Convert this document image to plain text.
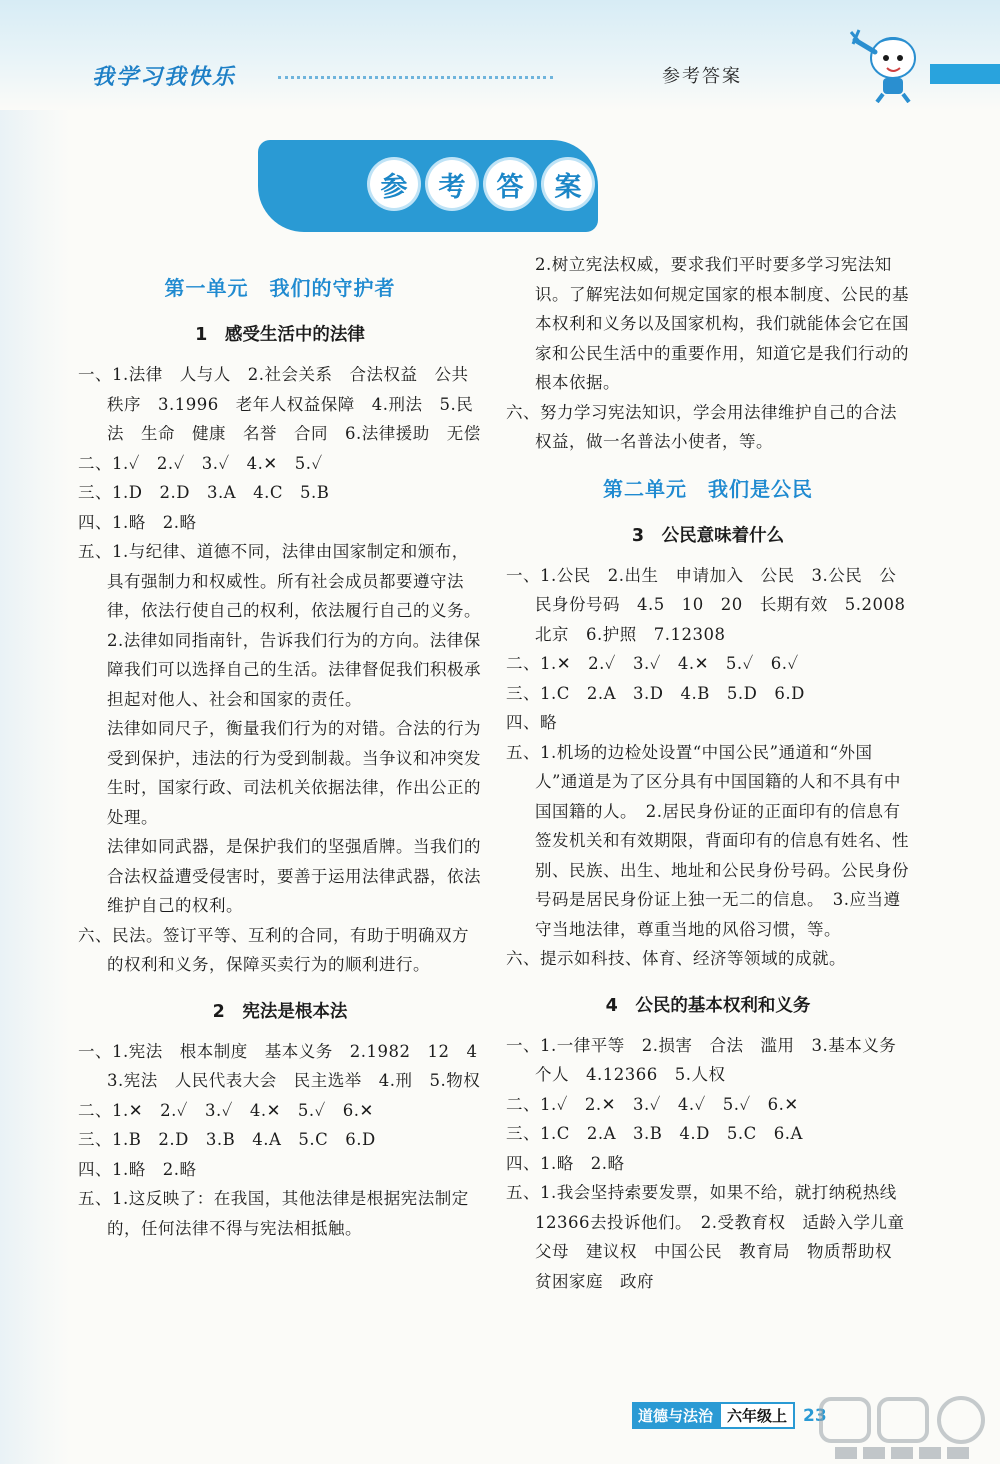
我学习我快乐	参考答案
参	考	答	案
第一单元　我们的守护者
1　感受生活中的法律
一、1.法律　人与人　2.社会关系　合法权益　公共秩序　3.1996　老年人权益保障　4.刑法　5.民法　生命　健康　名誉　合同　6.法律援助　无偿
二、1.✓　2.✓　3.✓　4.✕　5.✓
三、1.D　2.D　3.A　4.C　5.B
四、1.略　2.略
五、1.与纪律、道德不同，法律由国家制定和颁布，具有强制力和权威性。所有社会成员都要遵守法律，依法行使自己的权利，依法履行自己的义务。　2.法律如同指南针，告诉我们行为的方向。法律保障我们可以选择自己的生活。法律督促我们积极承担起对他人、社会和国家的责任。
法律如同尺子，衡量我们行为的对错。合法的行为受到保护，违法的行为受到制裁。当争议和冲突发生时，国家行政、司法机关依据法律，作出公正的处理。
法律如同武器，是保护我们的坚强盾牌。当我们的合法权益遭受侵害时，要善于运用法律武器，依法维护自己的权利。
六、民法。签订平等、互利的合同，有助于明确双方的权利和义务，保障买卖行为的顺利进行。
2　宪法是根本法
一、1.宪法　根本制度　基本义务　2.1982　12　4　3.宪法　人民代表大会　民主选举　4.刑　5.物权
二、1.✕　2.✓　3.✓　4.✕　5.✓　6.✕
三、1.B　2.D　3.B　4.A　5.C　6.D
四、1.略　2.略
五、1.这反映了：在我国，其他法律是根据宪法制定的，任何法律不得与宪法相抵触。
2.树立宪法权威，要求我们平时要多学习宪法知识。了解宪法如何规定国家的根本制度、公民的基本权利和义务以及国家机构，我们就能体会它在国家和公民生活中的重要作用，知道它是我们行动的根本依据。
六、努力学习宪法知识，学会用法律维护自己的合法权益，做一名普法小使者，等。
第二单元　我们是公民
3　公民意味着什么
一、1.公民　2.出生　申请加入　公民　3.公民　公民身份号码　4.5　10　20　长期有效　5.2008　北京　6.护照　7.12308
二、1.✕　2.✓　3.✓　4.✕　5.✓　6.✓
三、1.C　2.A　3.D　4.B　5.D　6.D
四、略
五、1.机场的边检处设置“中国公民”通道和“外国人”通道是为了区分具有中国国籍的人和不具有中国国籍的人。　2.居民身份证的正面印有的信息有签发机关和有效期限，背面印有的信息有姓名、性别、民族、出生、地址和公民身份号码。公民身份号码是居民身份证上独一无二的信息。　3.应当遵守当地法律，尊重当地的风俗习惯，等。
六、提示如科技、体育、经济等领域的成就。
4　公民的基本权利和义务
一、1.一律平等　2.损害　合法　滥用　3.基本义务　个人　4.12366　5.人权
二、1.✓　2.✕　3.✓　4.✓　5.✓　6.✕
三、1.C　2.A　3.B　4.D　5.C　6.A
四、1.略　2.略
五、1.我会坚持索要发票，如果不给，就打纳税热线12366去投诉他们。　2.受教育权　适龄入学儿童　父母　建议权　中国公民　教育局　物质帮助权　贫困家庭　政府
道德与法治 六年级上 23
